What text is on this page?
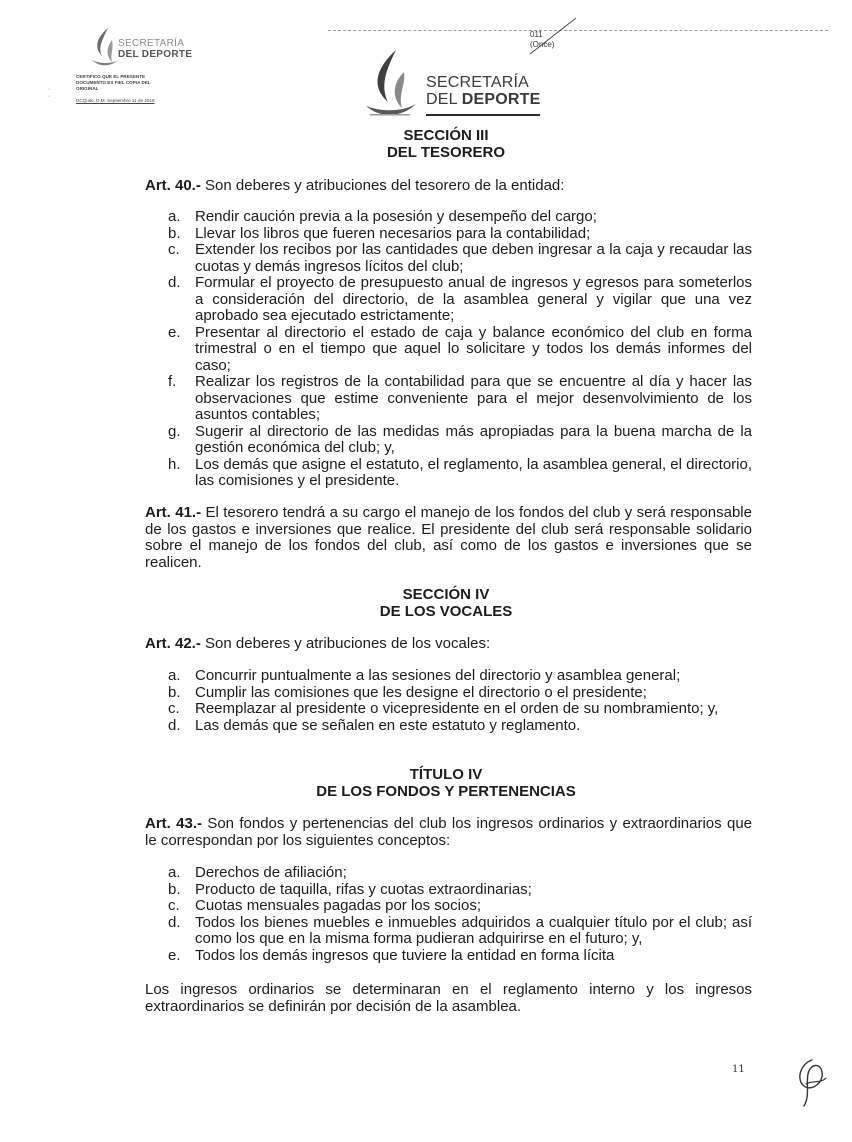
SECRETARÍA
DEL DEPORTE
·
·
CERTIFICO QUE EL PRESENTE
DOCUMENTO ES FIEL COPIA DEL
ORIGINAL
DCQuito, D.M. Septiembre 11 de 2018
011
(Once)
SECRETARÍA
DEL DEPORTE
SECCIÓN III
DEL TESORERO
Art. 40.- Son deberes y atribuciones del tesorero de la entidad:
a. Rendir caución previa a la posesión y desempeño del cargo;
b. Llevar los libros que fueren necesarios para la contabilidad;
c. Extender los recibos por las cantidades que deben ingresar a la caja y recaudar las cuotas y demás ingresos lícitos del club;
d. Formular el proyecto de presupuesto anual de ingresos y egresos para someterlos a consideración del directorio, de la asamblea general y vigilar que una vez aprobado sea ejecutado estrictamente;
e. Presentar al directorio el estado de caja y balance económico del club en forma trimestral o en el tiempo que aquel lo solicitare y todos los demás informes del caso;
f. Realizar los registros de la contabilidad para que se encuentre al día y hacer las observaciones que estime conveniente para el mejor desenvolvimiento de los asuntos contables;
g. Sugerir al directorio de las medidas más apropiadas para la buena marcha de la gestión económica del club; y,
h. Los demás que asigne el estatuto, el reglamento, la asamblea general, el directorio, las comisiones y el presidente.
Art. 41.- El tesorero tendrá a su cargo el manejo de los fondos del club y será responsable de los gastos e inversiones que realice. El presidente del club será responsable solidario sobre el manejo de los fondos del club, así como de los gastos e inversiones que se realicen.
SECCIÓN IV
DE LOS VOCALES
Art. 42.- Son deberes y atribuciones de los vocales:
a. Concurrir puntualmente a las sesiones del directorio y asamblea general;
b. Cumplir las comisiones que les designe el directorio o el presidente;
c. Reemplazar al presidente o vicepresidente en el orden de su nombramiento; y,
d. Las demás que se señalen en este estatuto y reglamento.
TÍTULO IV
DE LOS FONDOS Y PERTENENCIAS
Art. 43.- Son fondos y pertenencias del club los ingresos ordinarios y extraordinarios que le correspondan por los siguientes conceptos:
a. Derechos de afiliación;
b. Producto de taquilla, rifas y cuotas extraordinarias;
c. Cuotas mensuales pagadas por los socios;
d. Todos los bienes muebles e inmuebles adquiridos a cualquier título por el club; así como los que en la misma forma pudieran adquirirse en el futuro; y,
e. Todos los demás ingresos que tuviere la entidad en forma lícita
Los ingresos ordinarios se determinaran en el reglamento interno y los ingresos extraordinarios se definirán por decisión de la asamblea.
11
